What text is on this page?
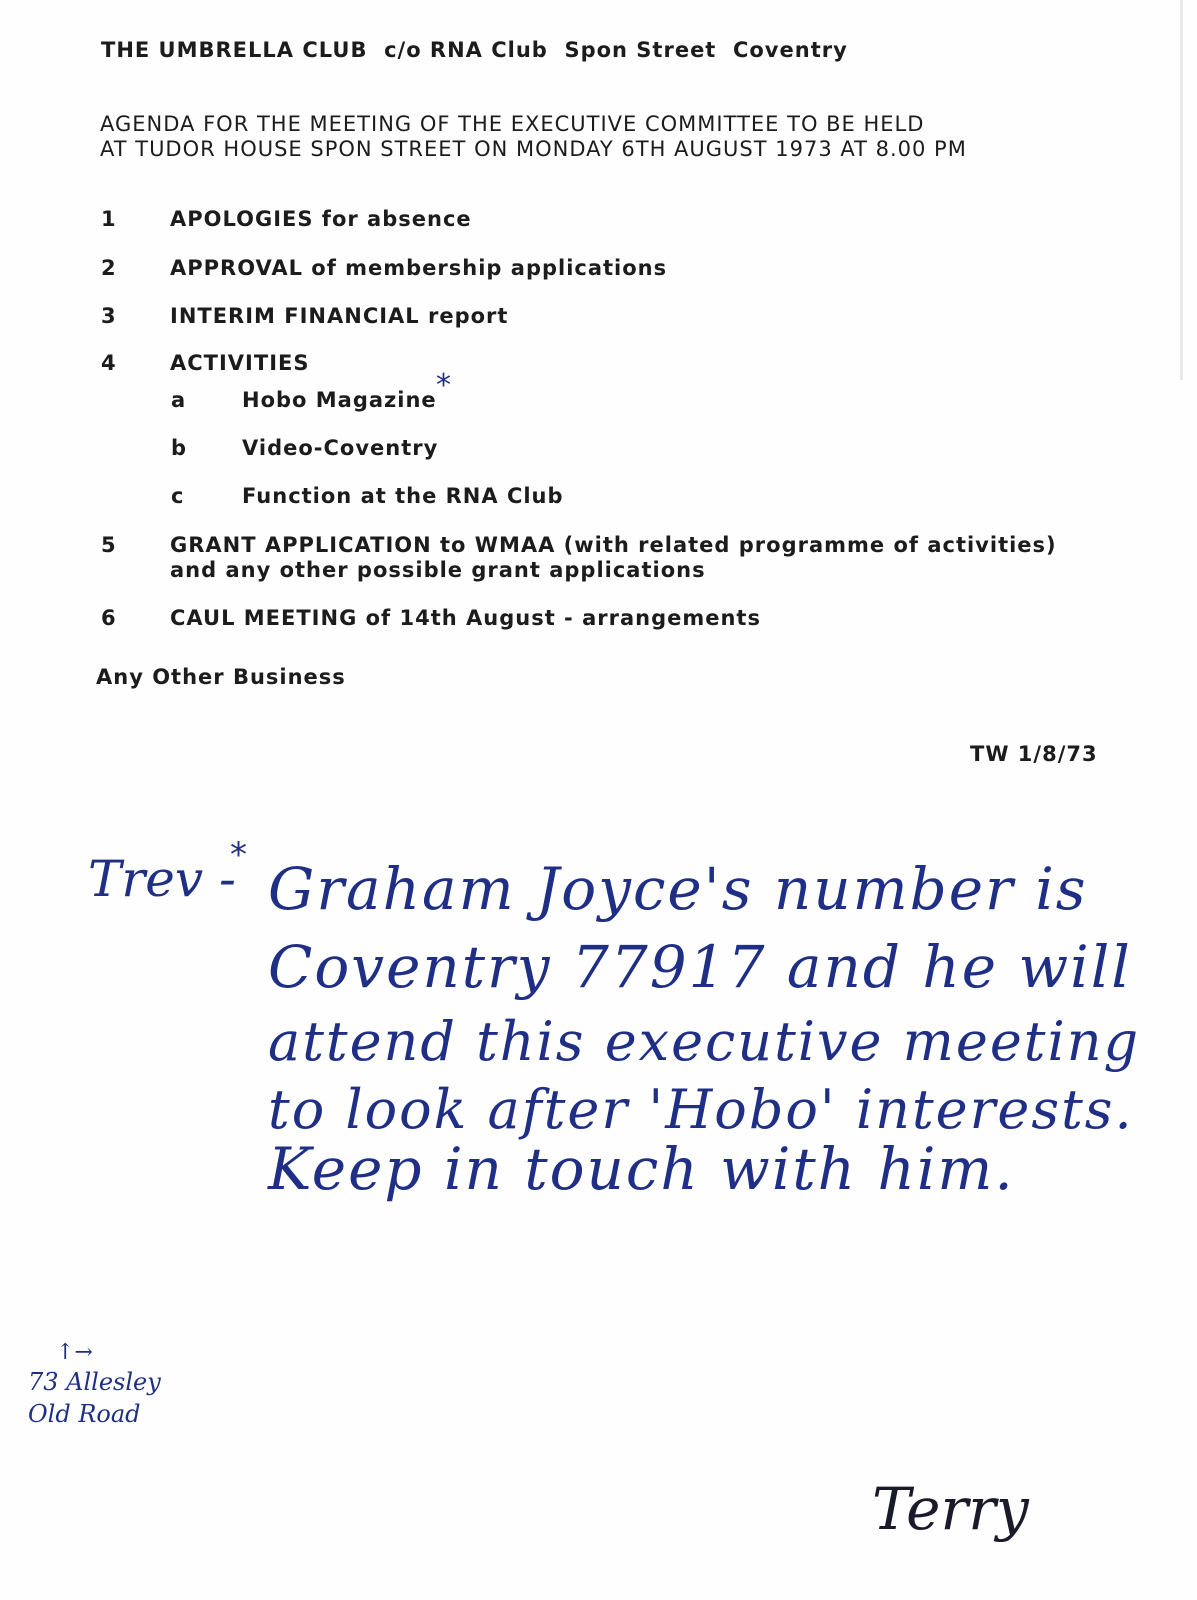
THE UMBRELLA CLUB  c/o RNA Club  Spon Street  Coventry
AGENDA FOR THE MEETING OF THE EXECUTIVE COMMITTEE TO BE HELD
AT TUDOR HOUSE SPON STREET ON MONDAY 6TH AUGUST 1973 AT 8.00 PM
1	APOLOGIES for absence
2	APPROVAL of membership applications
3	INTERIM FINANCIAL report
4	ACTIVITIES
a	Hobo Magazine *
b	Video-Coventry
c	Function at the RNA Club
5	GRANT APPLICATION to WMAA (with related programme of activities)
and any other possible grant applications
6	CAUL MEETING of 14th August - arrangements
Any Other Business
TW 1/8/73
Trev -
* Graham Joyce's number is
Coventry 77917 and he will
attend this executive meeting
to look after 'Hobo' interests.
Keep in touch with him.
↑→
73 Allesley
Old Road
Terry
